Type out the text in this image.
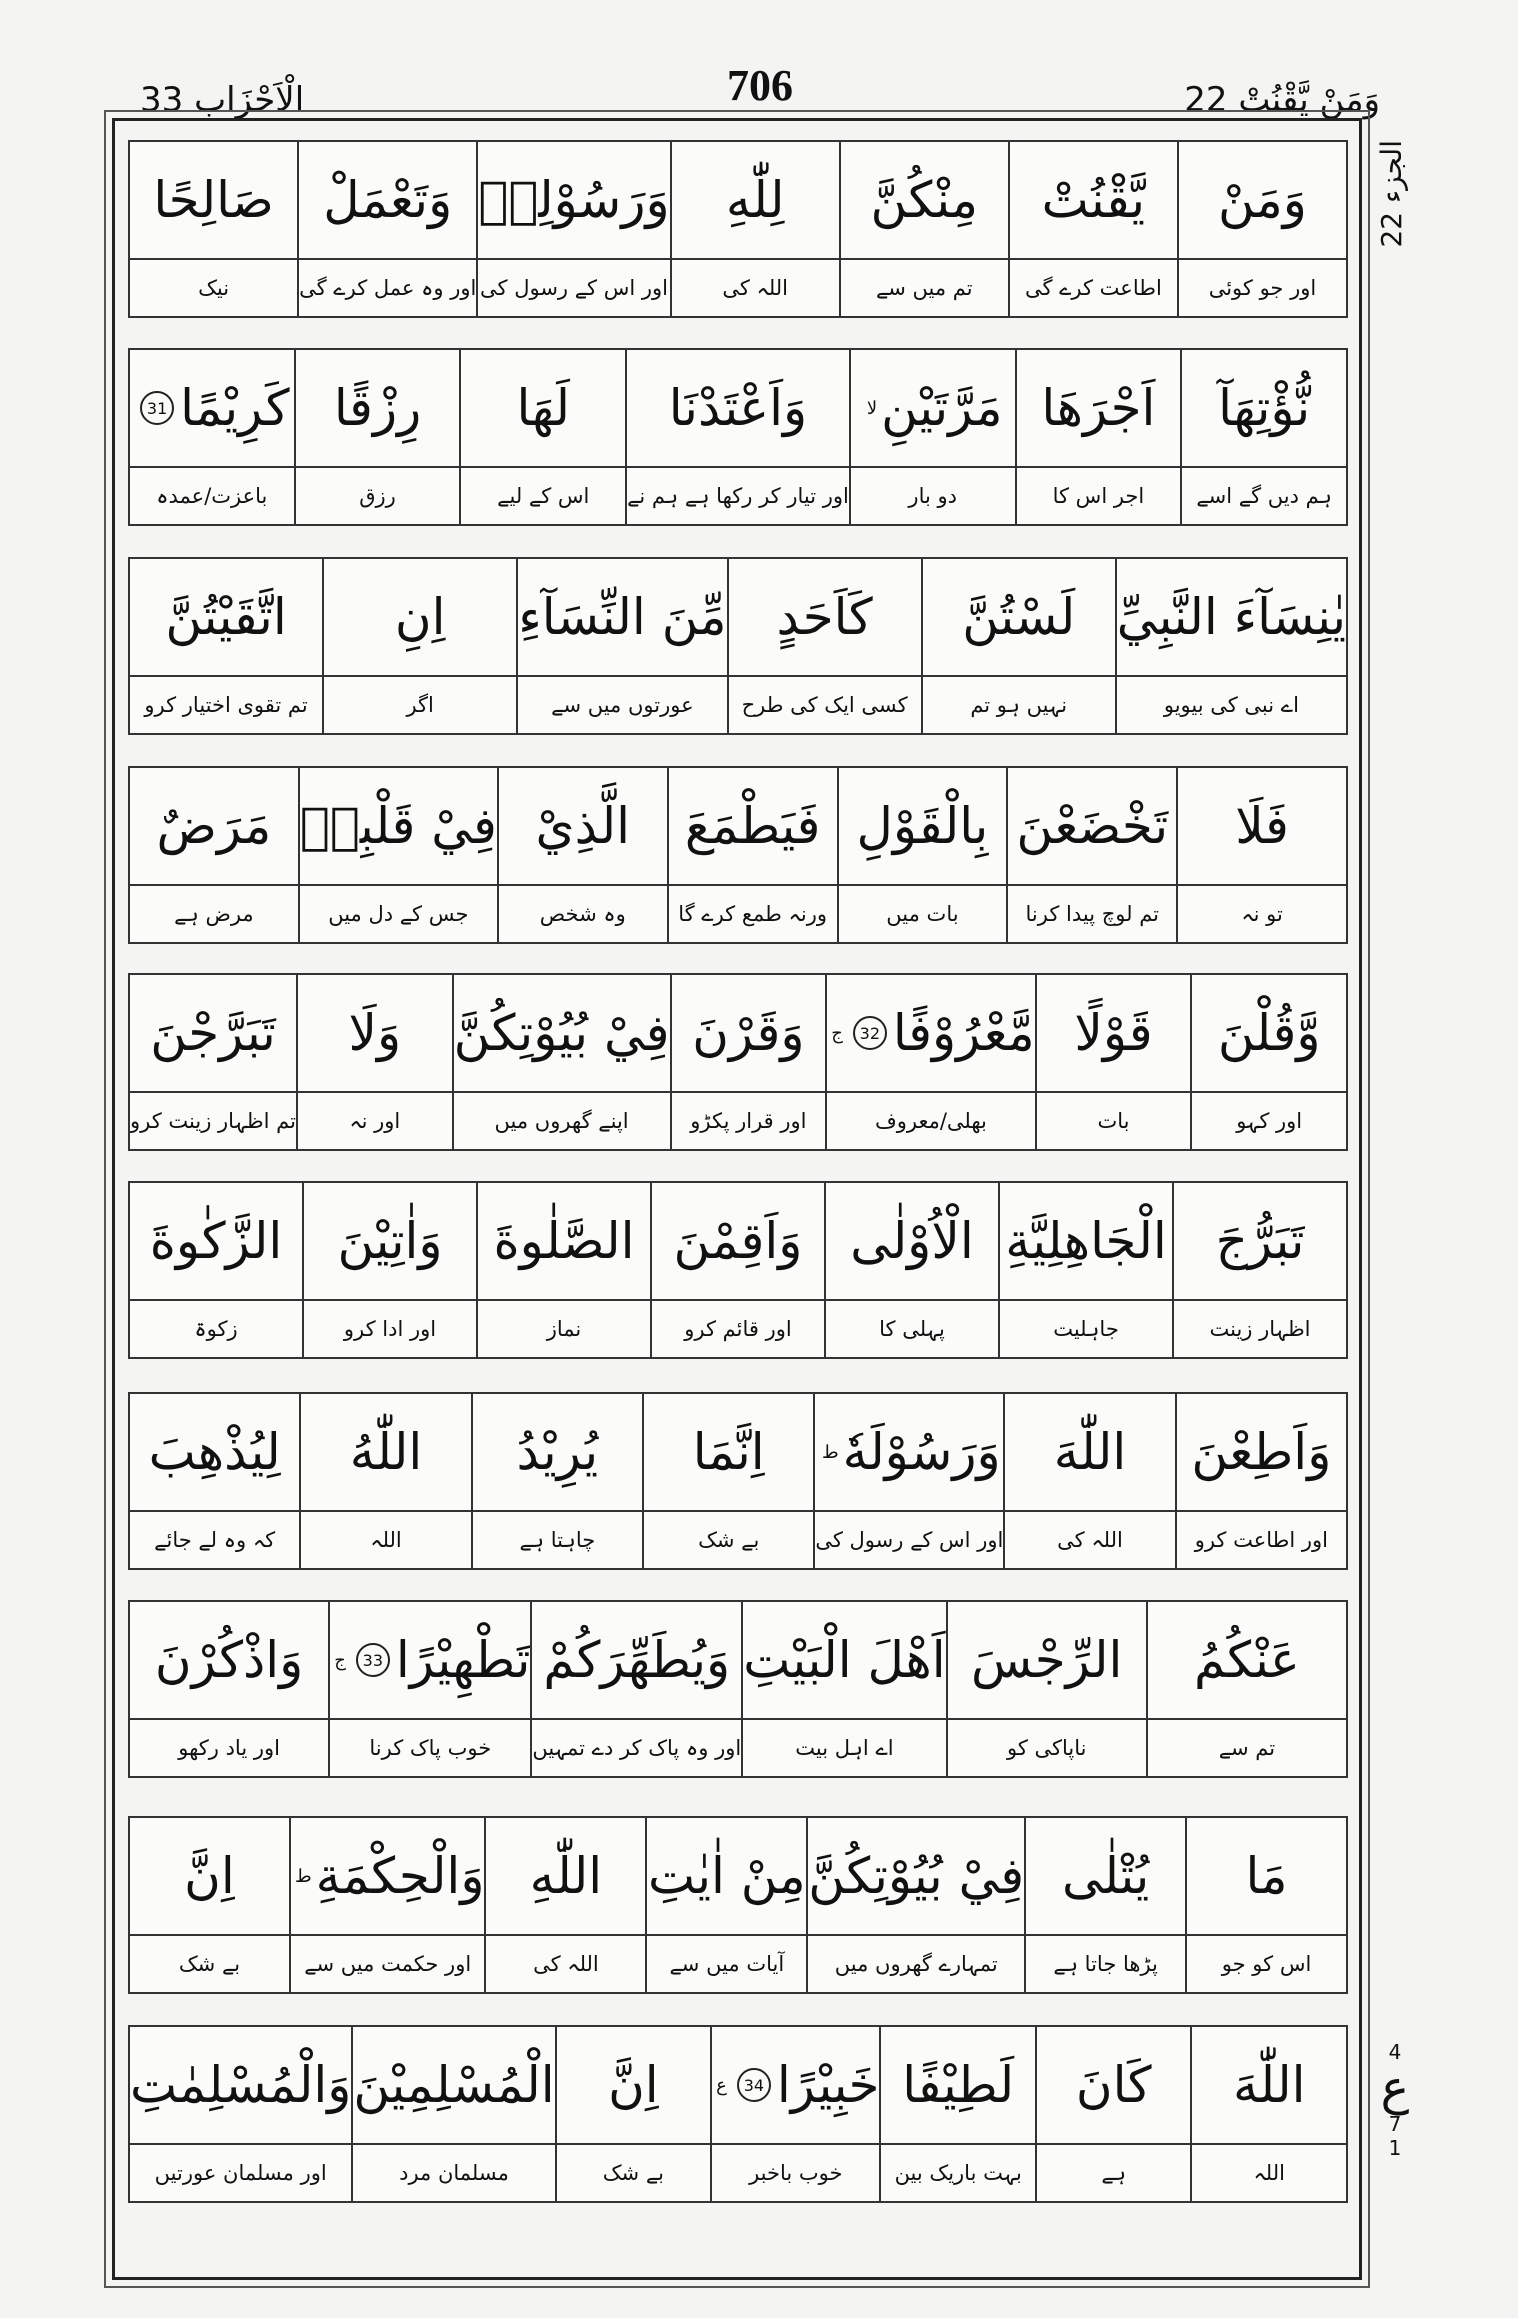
الْاَحْزَاب 33	706	وَمَنْ يَّقْنُتْ 22
الجزء 22
4
ع
7
1
وَمَنْ
اور جو کوئی
يَّقْنُتْ
اطاعت کرے گی
مِنْكُنَّ
تم میں سے
لِلّٰهِ
اللہ کی
وَرَسُوْلِهٖ
اور اس کے رسول کی
وَتَعْمَلْ
اور وہ عمل کرے گی
صَالِحًا
نیک
نُّؤْتِهَآ
ہم دیں گے اسے
اَجْرَهَا
اجر اس کا
مَرَّتَيْنِ
لا
دو بار
وَاَعْتَدْنَا
اور تیار کر رکھا ہے ہم نے
لَهَا
اس کے لیے
رِزْقًا
رزق
كَرِيْمًا
31
باعزت/عمدہ
يٰنِسَآءَ النَّبِيِّ
اے نبی کی بیویو
لَسْتُنَّ
نہیں ہو تم
كَاَحَدٍ
کسی ایک کی طرح
مِّنَ النِّسَآءِ
عورتوں میں سے
اِنِ
اگر
اتَّقَيْتُنَّ
تم تقوی اختیار کرو
فَلَا
تو نہ
تَخْضَعْنَ
تم لوچ پیدا کرنا
بِالْقَوْلِ
بات میں
فَيَطْمَعَ
ورنہ طمع کرے گا
الَّذِيْ
وہ شخص
فِيْ قَلْبِهٖ
جس کے دل میں
مَرَضٌ
مرض ہے
وَّقُلْنَ
اور کہو
قَوْلًا
بات
مَّعْرُوْفًا
32
ج
بھلی/معروف
وَقَرْنَ
اور قرار پکڑو
فِيْ بُيُوْتِكُنَّ
اپنے گھروں میں
وَلَا
اور نہ
تَبَرَّجْنَ
تم اظہار زینت کرو
تَبَرُّجَ
اظہار زینت
الْجَاهِلِيَّةِ
جاہلیت
الْاُوْلٰى
پہلی کا
وَاَقِمْنَ
اور قائم کرو
الصَّلٰوةَ
نماز
وَاٰتِيْنَ
اور ادا کرو
الزَّكٰوةَ
زکوۃ
وَاَطِعْنَ
اور اطاعت کرو
اللّٰهَ
اللہ کی
وَرَسُوْلَهٗ
ط
اور اس کے رسول کی
اِنَّمَا
بے شک
يُرِيْدُ
چاہتا ہے
اللّٰهُ
اللہ
لِيُذْهِبَ
کہ وہ لے جائے
عَنْكُمُ
تم سے
الرِّجْسَ
ناپاکی کو
اَهْلَ الْبَيْتِ
اے اہل بیت
وَيُطَهِّرَكُمْ
اور وہ پاک کر دے تمہیں
تَطْهِيْرًا
33
ج
خوب پاک کرنا
وَاذْكُرْنَ
اور یاد رکھو
مَا
اس کو جو
يُتْلٰى
پڑھا جاتا ہے
فِيْ بُيُوْتِكُنَّ
تمہارے گھروں میں
مِنْ اٰيٰتِ
آیات میں سے
اللّٰهِ
اللہ کی
وَالْحِكْمَةِ
ط
اور حکمت میں سے
اِنَّ
بے شک
اللّٰهَ
اللہ
كَانَ
ہے
لَطِيْفًا
بہت باریک بین
خَبِيْرًا
34
ع
خوب باخبر
اِنَّ
بے شک
الْمُسْلِمِيْنَ
مسلمان مرد
وَالْمُسْلِمٰتِ
اور مسلمان عورتیں
